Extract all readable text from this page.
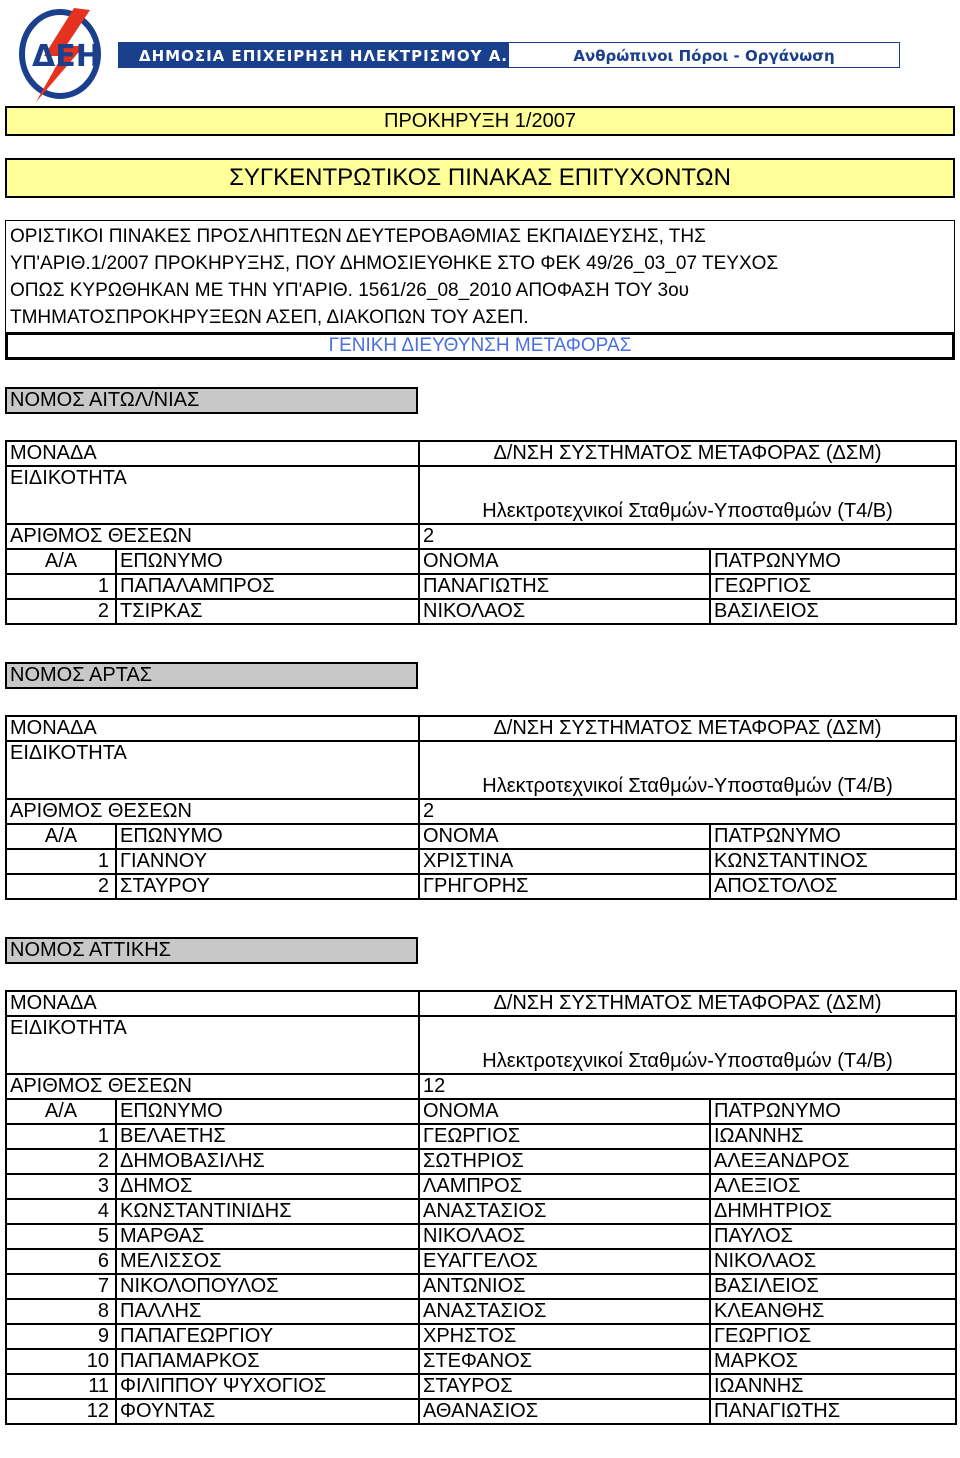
ΔΕΗ	ΔΗΜΟΣΙΑ ΕΠΙΧΕΙΡΗΣΗ ΗΛΕΚΤΡΙΣΜΟΥ Α.Ε.	Ανθρώπινοι Πόροι - Οργάνωση
ΠΡΟΚΗΡΥΞΗ 1/2007
ΣΥΓΚΕΝΤΡΩΤΙΚΟΣ ΠΙΝΑΚΑΣ ΕΠΙΤΥΧΟΝΤΩΝ
ΟΡΙΣΤΙΚΟΙ ΠΙΝΑΚΕΣ ΠΡΟΣΛΗΠΤΕΩΝ ΔΕΥΤΕΡΟΒΑΘΜΙΑΣ ΕΚΠΑΙΔΕΥΣΗΣ, ΤΗΣ
ΥΠ'ΑΡΙΘ.1/2007 ΠΡΟΚΗΡΥΞΗΣ, ΠΟΥ ΔΗΜΟΣΙΕΥΘΗΚΕ ΣΤΟ ΦΕΚ 49/26_03_07 ΤΕΥΧΟΣ
ΟΠΩΣ ΚΥΡΩΘΗΚΑΝ ΜΕ ΤΗΝ ΥΠ'ΑΡΙΘ. 1561/26_08_2010 ΑΠΟΦΑΣΗ ΤΟΥ 3ου
ΤΜΗΜΑΤΟΣΠΡΟΚΗΡΥΞΕΩΝ ΑΣΕΠ, ΔΙΑΚΟΠΩΝ ΤΟΥ ΑΣΕΠ.
ΓΕΝΙΚΗ ΔΙΕΥΘΥΝΣΗ ΜΕΤΑΦΟΡΑΣ
ΝΟΜΟΣ ΑΙΤΩΛ/ΝΙΑΣ
ΜΟΝΑΔΑ		Δ/ΝΣΗ ΣΥΣΤΗΜΑΤΟΣ ΜΕΤΑΦΟΡΑΣ (ΔΣΜ)	
ΕΙΔΙΚΟΤΗΤΑ		Ηλεκτροτεχνικοί Σταθμών-Υποσταθμών (Τ4/Β)	
ΑΡΙΘΜΟΣ ΘΕΣΕΩΝ		2	
Α/Α	ΕΠΩΝΥΜΟ	ΟΝΟΜΑ	ΠΑΤΡΩΝΥΜΟ
1	ΠΑΠΑΛΑΜΠΡΟΣ	ΠΑΝΑΓΙΩΤΗΣ	ΓΕΩΡΓΙΟΣ
2	ΤΣΙΡΚΑΣ	ΝΙΚΟΛΑΟΣ	ΒΑΣΙΛΕΙΟΣ
ΝΟΜΟΣ ΑΡΤΑΣ
ΜΟΝΑΔΑ		Δ/ΝΣΗ ΣΥΣΤΗΜΑΤΟΣ ΜΕΤΑΦΟΡΑΣ (ΔΣΜ)	
ΕΙΔΙΚΟΤΗΤΑ		Ηλεκτροτεχνικοί Σταθμών-Υποσταθμών (Τ4/Β)	
ΑΡΙΘΜΟΣ ΘΕΣΕΩΝ		2	
Α/Α	ΕΠΩΝΥΜΟ	ΟΝΟΜΑ	ΠΑΤΡΩΝΥΜΟ
1	ΓΙΑΝΝΟΥ	ΧΡΙΣΤΙΝΑ	ΚΩΝΣΤΑΝΤΙΝΟΣ
2	ΣΤΑΥΡΟΥ	ΓΡΗΓΟΡΗΣ	ΑΠΟΣΤΟΛΟΣ
ΝΟΜΟΣ ΑΤΤΙΚΗΣ
ΜΟΝΑΔΑ		Δ/ΝΣΗ ΣΥΣΤΗΜΑΤΟΣ ΜΕΤΑΦΟΡΑΣ (ΔΣΜ)	
ΕΙΔΙΚΟΤΗΤΑ		Ηλεκτροτεχνικοί Σταθμών-Υποσταθμών (Τ4/Β)	
ΑΡΙΘΜΟΣ ΘΕΣΕΩΝ		12	
Α/Α	ΕΠΩΝΥΜΟ	ΟΝΟΜΑ	ΠΑΤΡΩΝΥΜΟ
1	ΒΕΛΑΕΤΗΣ	ΓΕΩΡΓΙΟΣ	ΙΩΑΝΝΗΣ
2	ΔΗΜΟΒΑΣΙΛΗΣ	ΣΩΤΗΡΙΟΣ	ΑΛΕΞΑΝΔΡΟΣ
3	ΔΗΜΟΣ	ΛΑΜΠΡΟΣ	ΑΛΕΞΙΟΣ
4	ΚΩΝΣΤΑΝΤΙΝΙΔΗΣ	ΑΝΑΣΤΑΣΙΟΣ	ΔΗΜΗΤΡΙΟΣ
5	ΜΑΡΘΑΣ	ΝΙΚΟΛΑΟΣ	ΠΑΥΛΟΣ
6	ΜΕΛΙΣΣΟΣ	ΕΥΑΓΓΕΛΟΣ	ΝΙΚΟΛΑΟΣ
7	ΝΙΚΟΛΟΠΟΥΛΟΣ	ΑΝΤΩΝΙΟΣ	ΒΑΣΙΛΕΙΟΣ
8	ΠΑΛΛΗΣ	ΑΝΑΣΤΑΣΙΟΣ	ΚΛΕΑΝΘΗΣ
9	ΠΑΠΑΓΕΩΡΓΙΟΥ	ΧΡΗΣΤΟΣ	ΓΕΩΡΓΙΟΣ
10	ΠΑΠΑΜΑΡΚΟΣ	ΣΤΕΦΑΝΟΣ	ΜΑΡΚΟΣ
11	ΦΙΛΙΠΠΟΥ ΨΥΧΟΓΙΟΣ	ΣΤΑΥΡΟΣ	ΙΩΑΝΝΗΣ
12	ΦΟΥΝΤΑΣ	ΑΘΑΝΑΣΙΟΣ	ΠΑΝΑΓΙΩΤΗΣ
